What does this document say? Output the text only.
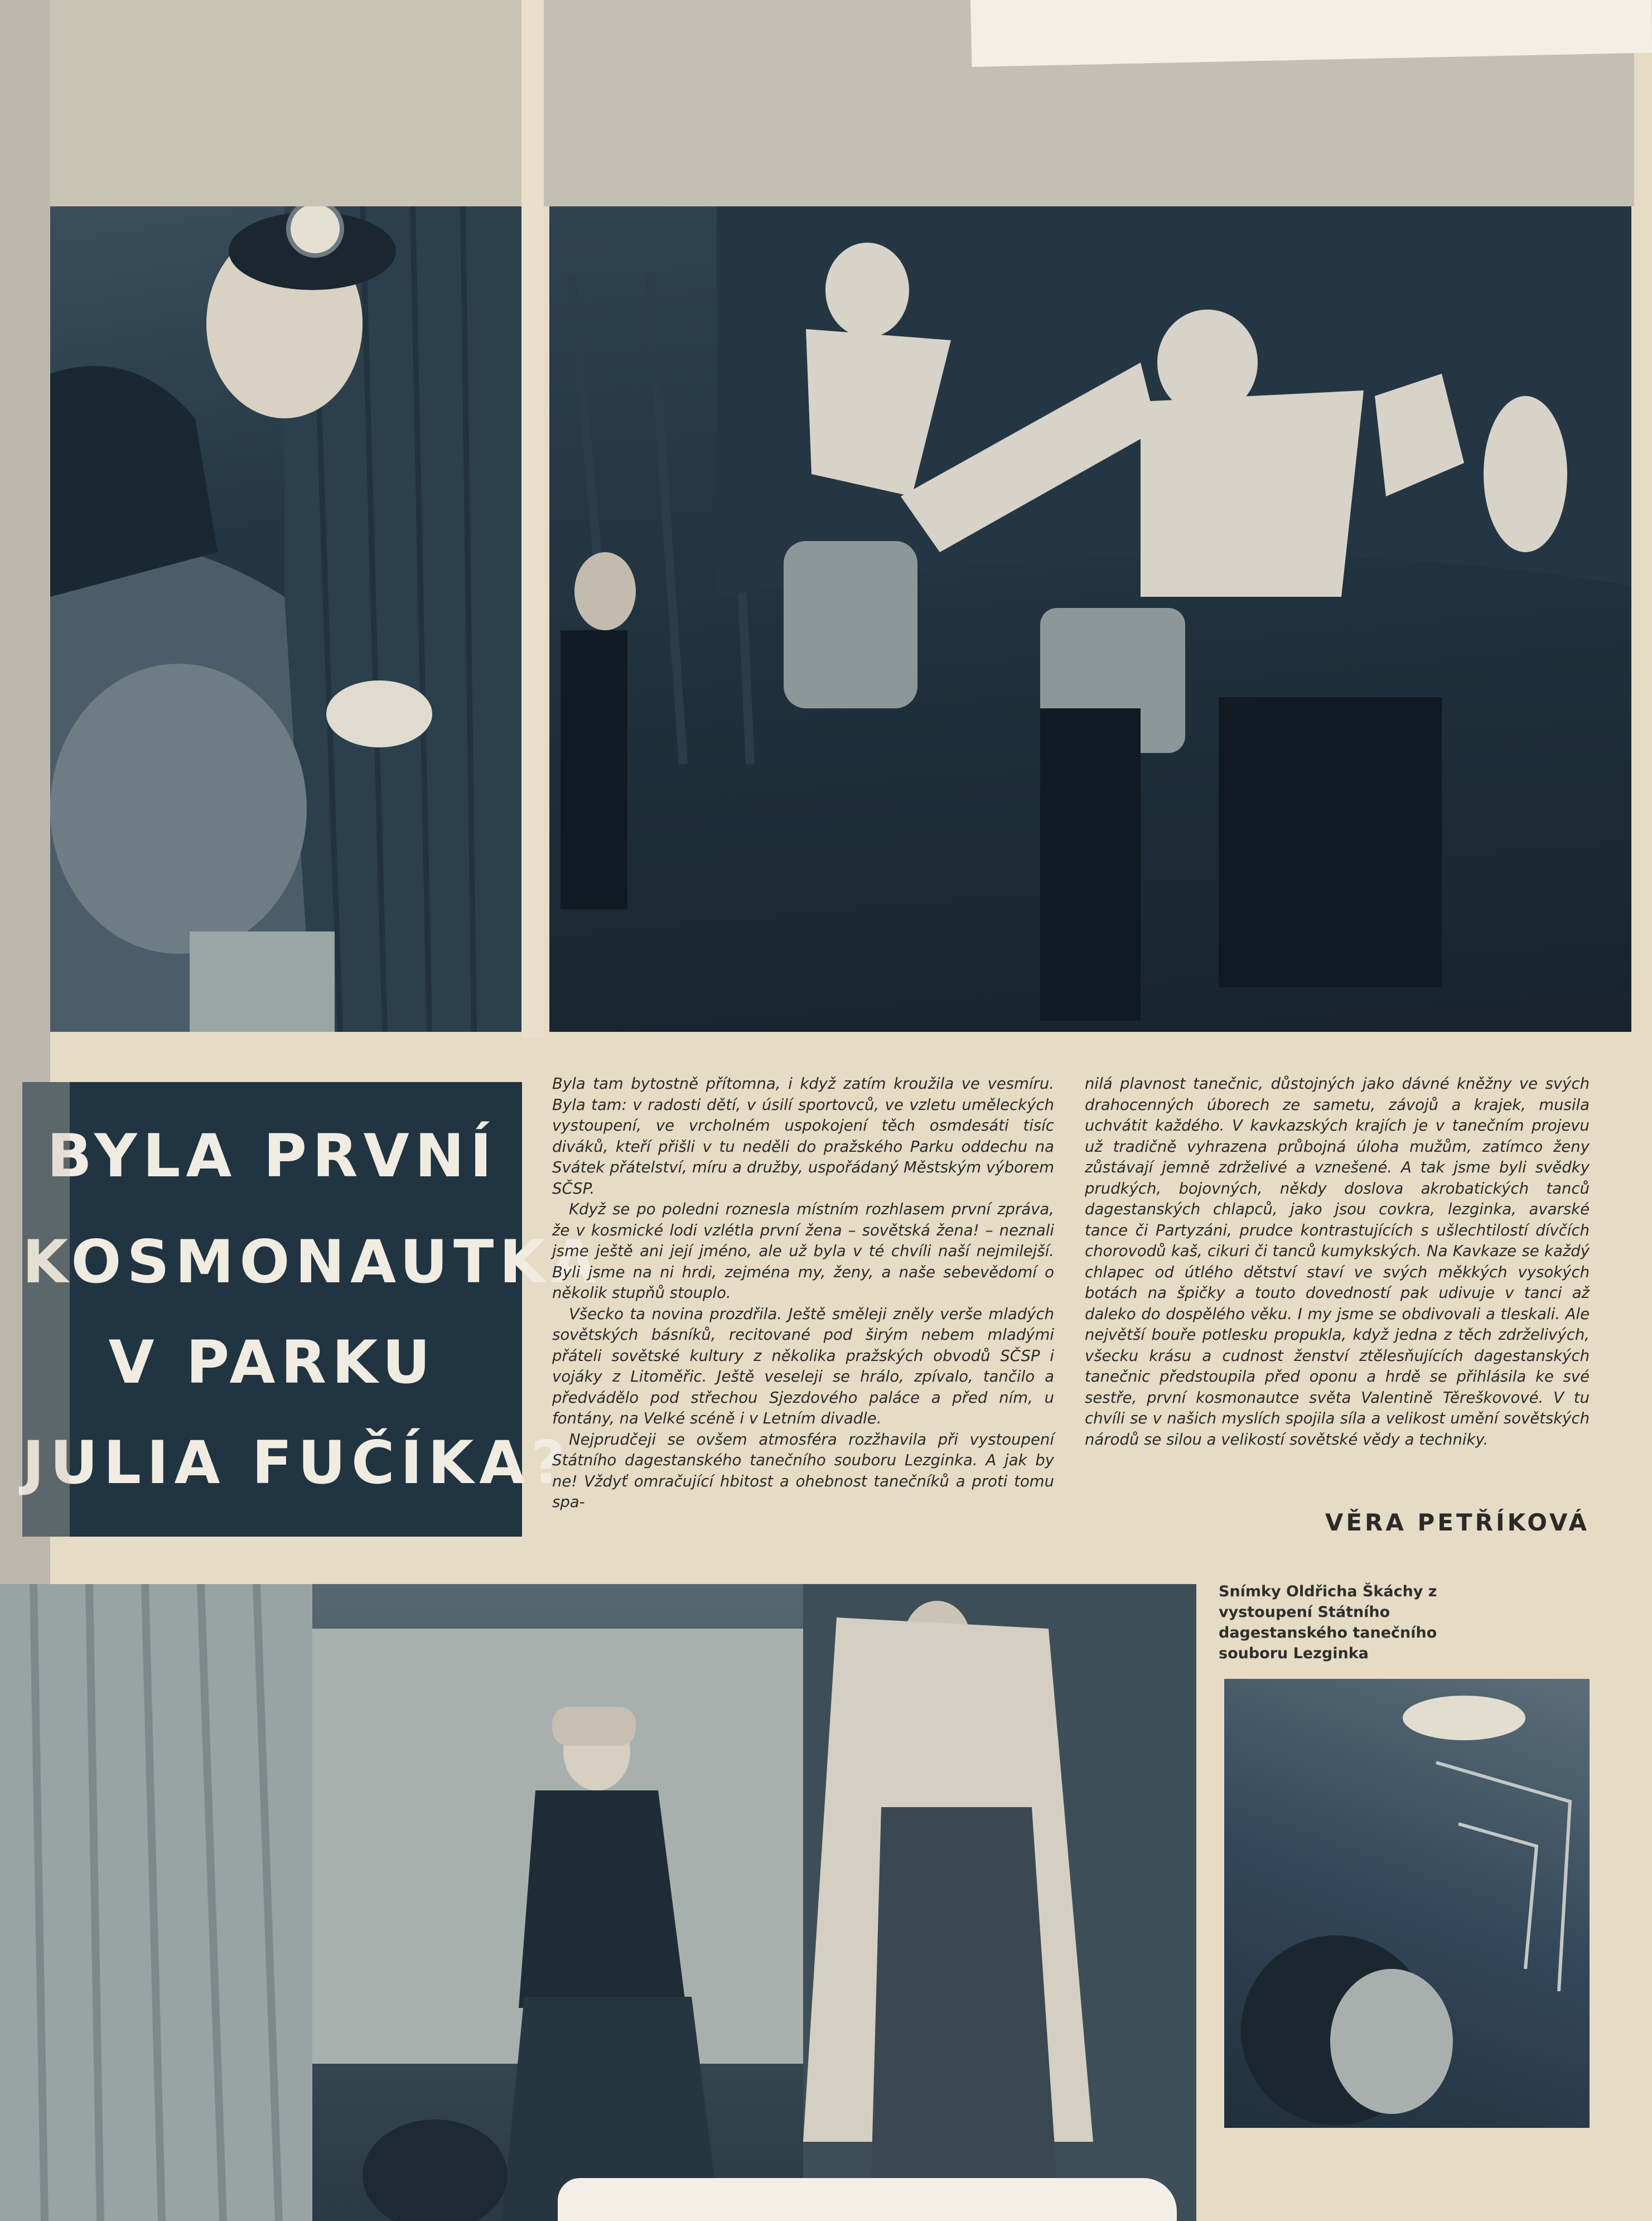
BYLA PRVNÍ
KOSMONAUTKA
V PARKU
JULIA FUČÍKA?

Byla tam bytostně přítomna, i když zatím kroužila ve vesmíru. Byla tam: v radosti dětí, v úsilí sportovců, ve vzletu uměleckých vystoupení, ve vrcholném uspokojení těch osmdesáti tisíc diváků, kteří přišli v tu neděli do pražského Parku oddechu na Svátek přátelství, míru a družby, uspořádaný Městským výborem SČSP.

Když se po poledni roznesla místním rozhlasem první zpráva, že v kosmické lodi vzlétla první žena – sovětská žena! – neznali jsme ještě ani její jméno, ale už byla v té chvíli naší nejmilejší. Byli jsme na ni hrdi, zejména my, ženy, a naše sebevědomí o několik stupňů stouplo.

Všecko ta novina prozdřila. Ještě směleji zněly verše mladých sovětských básníků, recitované pod širým nebem mladými přáteli sovětské kultury z několika pražských obvodů SČSP i vojáky z Litoměřic. Ještě veseleji se hrálo, zpívalo, tančilo a předvádělo pod střechou Sjezdového paláce a před ním, u fontány, na Velké scéně i v Letním divadle.

Nejprudčeji se ovšem atmosféra rozžhavila při vystoupení Státního dagestanského tanečního souboru Lezginka. A jak by ne! Vždyť omračující hbitost a ohebnost tanečníků a proti tomu spa-

nilá plavnost tanečnic, důstojných jako dávné kněžny ve svých drahocenných úborech ze sametu, závojů a krajek, musila uchvátit každého. V kavkazských krajích je v tanečním projevu už tradičně vyhrazena průbojná úloha mužům, zatímco ženy zůstávají jemně zdrželivé a vznešené. A tak jsme byli svědky prudkých, bojovných, někdy doslova akrobatických tanců dagestanských chlapců, jako jsou covkra, lezginka, avarské tance či Partyzáni, prudce kontrastujících s ušlechtilostí dívčích chorovodů kaš, cikuri či tanců kumykských. Na Kavkaze se každý chlapec od útlého dětství staví ve svých měkkých vysokých botách na špičky a touto dovedností pak udivuje v tanci až daleko do dospělého věku. I my jsme se obdivovali a tleskali. Ale největší bouře potlesku propukla, když jedna z těch zdrželivých, všecku krásu a cudnost ženství ztělesňujících dagestanských tanečnic předstoupila před oponu a hrdě se přihlásila ke své sestře, první kosmonautce světa Valentině Těreškovové. V tu chvíli se v našich myslích spojila síla a velikost umění sovětských národů se silou a velikostí sovětské vědy a techniky.

VĚRA PETŘÍKOVÁ
Snímky Oldřicha Škáchy z vystoupení Státního dagestanského tanečního souboru Lezginka
